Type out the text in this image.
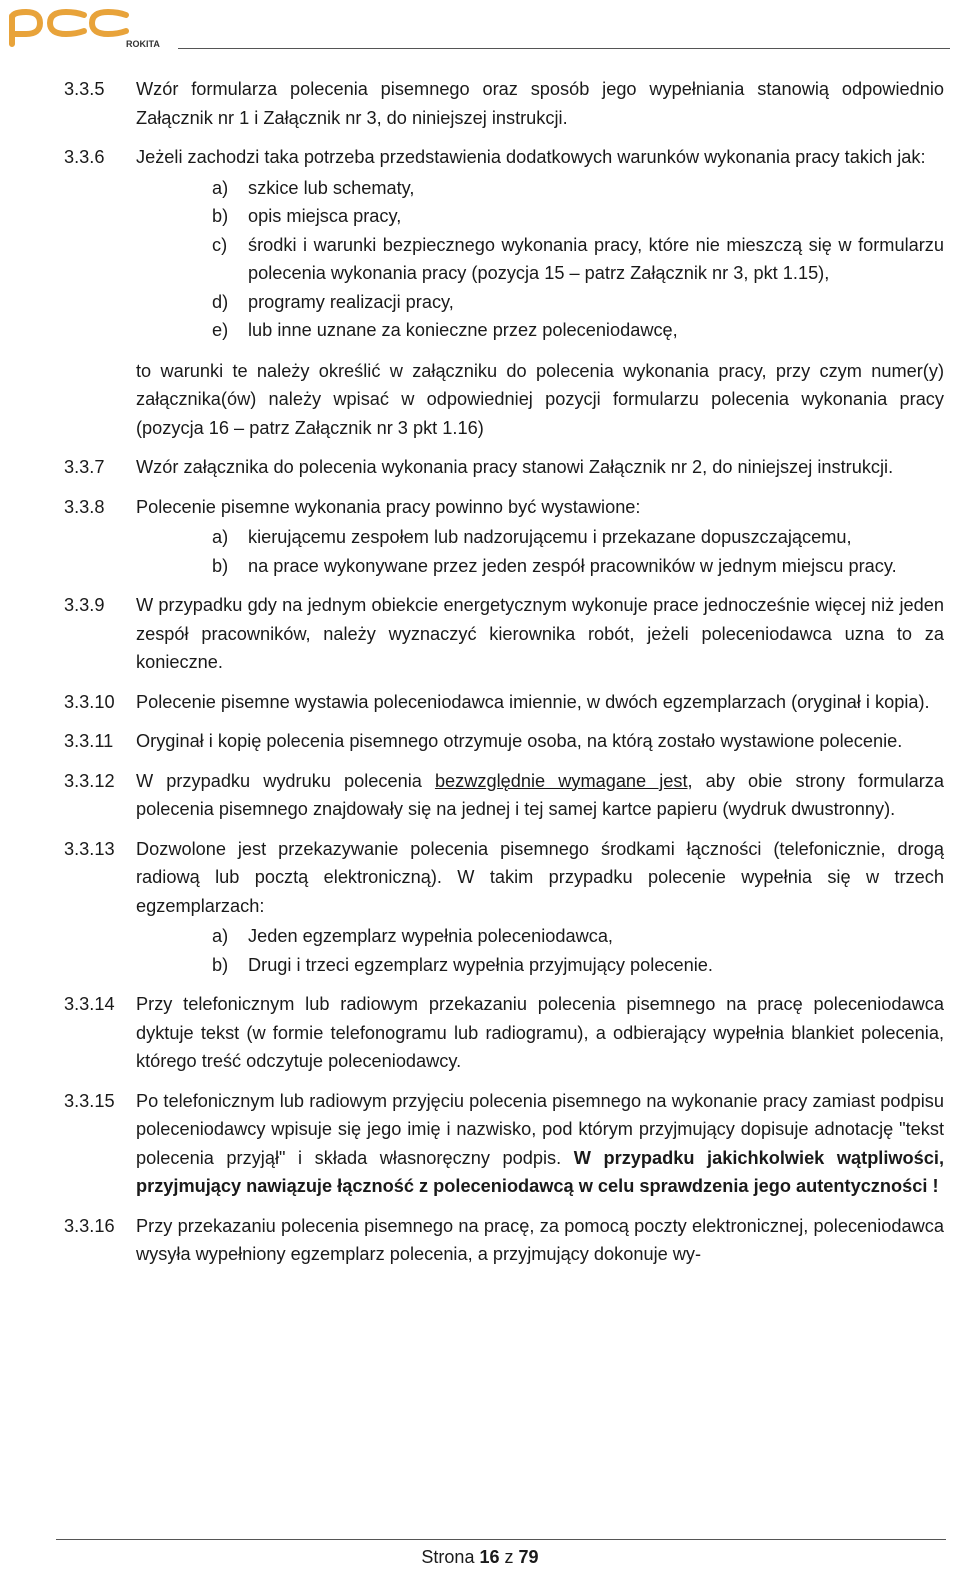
ROKITA
3.3.5	Wzór formularza polecenia pisemnego oraz sposób jego wypełniania stanowią odpowiednio Załącznik nr 1 i Załącznik nr 3, do niniejszej instrukcji.
3.3.6	Jeżeli zachodzi taka potrzeba przedstawienia dodatkowych warunków wykonania pracy takich jak:
a)	szkice lub schematy,
b)	opis miejsca pracy,
c)	środki i warunki bezpiecznego wykonania pracy, które nie mieszczą się w formularzu polecenia wykonania pracy (pozycja 15 – patrz Załącznik nr 3, pkt 1.15),
d)	programy realizacji pracy,
e)	lub inne uznane za konieczne przez poleceniodawcę,
to warunki te należy określić w załączniku do polecenia wykonania pracy, przy czym numer(y) załącznika(ów) należy wpisać w odpowiedniej pozycji formularzu polecenia wykonania pracy (pozycja 16 – patrz Załącznik nr 3 pkt 1.16)
3.3.7	Wzór załącznika do polecenia wykonania pracy stanowi Załącznik nr 2, do niniejszej instrukcji.
3.3.8	Polecenie pisemne wykonania pracy powinno być wystawione:
a)	kierującemu zespołem lub nadzorującemu i przekazane dopuszczającemu,
b)	na prace wykonywane przez jeden zespół pracowników w jednym miejscu pracy.
3.3.9	W przypadku gdy na jednym obiekcie energetycznym wykonuje prace jednocześnie więcej niż jeden zespół pracowników, należy wyznaczyć kierownika robót, jeżeli poleceniodawca uzna to za konieczne.
3.3.10	Polecenie pisemne wystawia poleceniodawca imiennie, w dwóch egzemplarzach (oryginał i kopia).
3.3.11	Oryginał i kopię polecenia pisemnego otrzymuje osoba, na którą zostało wystawione polecenie.
3.3.12	W przypadku wydruku polecenia bezwzględnie wymagane jest, aby obie strony formularza polecenia pisemnego znajdowały się na jednej i tej samej kartce papieru (wydruk dwustronny).
3.3.13	Dozwolone jest przekazywanie polecenia pisemnego środkami łączności (telefonicznie, drogą radiową lub pocztą elektroniczną). W takim przypadku polecenie wypełnia się w trzech egzemplarzach:
a)	Jeden egzemplarz wypełnia poleceniodawca,
b)	Drugi i trzeci egzemplarz wypełnia przyjmujący polecenie.
3.3.14	Przy telefonicznym lub radiowym przekazaniu polecenia pisemnego na pracę poleceniodawca dyktuje tekst (w formie telefonogramu lub radiogramu), a odbierający wypełnia blankiet polecenia, którego treść odczytuje poleceniodawcy.
3.3.15	Po telefonicznym lub radiowym przyjęciu polecenia pisemnego na wykonanie pracy zamiast podpisu poleceniodawcy wpisuje się jego imię i nazwisko, pod którym przyjmujący dopisuje adnotację "tekst polecenia przyjął" i składa własnoręczny podpis. W przypadku jakichkolwiek wątpliwości, przyjmujący nawiązuje łączność z poleceniodawcą w celu sprawdzenia jego autentyczności !
3.3.16	Przy przekazaniu polecenia pisemnego na pracę, za pomocą poczty elektronicznej, poleceniodawca wysyła wypełniony egzemplarz polecenia, a przyjmujący dokonuje wy-
Strona 16 z 79
